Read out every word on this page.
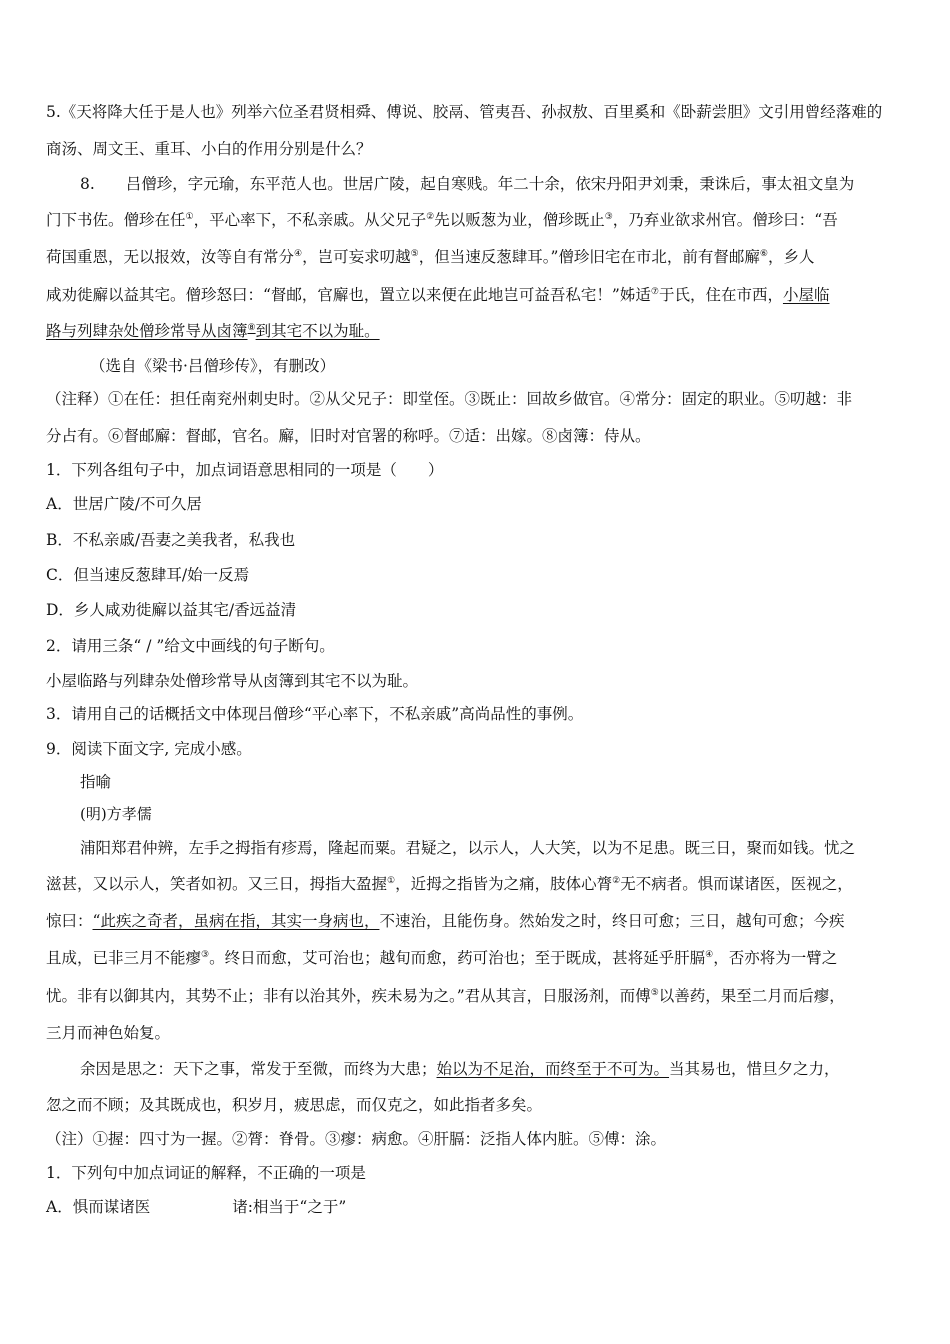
5.《天将降大任于是人也》列举六位圣君贤相舜、傅说、胶鬲、管夷吾、孙叔敖、百里奚和《卧薪尝胆》文引用曾经落难的
商汤、周文王、重耳、小白的作用分别是什么？
8.　　吕僧珍，字元瑜，东平范人也。世居广陵，起自寒贱。年二十余，依宋丹阳尹刘秉，秉诛后，事太祖文皇为
门下书佐。僧珍在任①，平心率下，不私亲戚。从父兄子②先以贩葱为业，僧珍既止③，乃弃业欲求州官。僧珍曰：“吾
荷国重恩，无以报效，汝等自有常分④，岂可妄求叨越⑤，但当速反葱肆耳。”僧珍旧宅在市北，前有督邮廨⑥，乡人
咸劝徙廨以益其宅。僧珍怒曰：“督邮，官廨也，置立以来便在此地岂可益吾私宅！”姊适⑦于氏，住在市西，小屋临
路与列肆杂处僧珍常导从卤簿⑧到其宅不以为耻。
（选自《梁书·吕僧珍传》，有删改）
（注释）①在任：担任南兖州刺史时。②从父兄子：即堂侄。③既止：回故乡做官。④常分：固定的职业。⑤叨越：非
分占有。⑥督邮廨：督邮，官名。廨，旧时对官署的称呼。⑦适：出嫁。⑧卤簿：侍从。
1．下列各组句子中，加点词语意思相同的一项是（　　）
A．世居广陵/不可久居
B．不私亲戚/吾妻之美我者，私我也
C．但当速反葱肆耳/始一反焉
D．乡人咸劝徙廨以益其宅/香远益清
2．请用三条“ / ”给文中画线的句子断句。
小屋临路与列肆杂处僧珍常导从卤簿到其宅不以为耻。
3．请用自己的话概括文中体现吕僧珍“平心率下，不私亲戚”高尚品性的事例。
9．阅读下面文字, 完成小感。
指喻
(明)方孝儒
浦阳郑君仲辨，左手之拇指有疹焉，隆起而粟。君疑之，以示人，人大笑，以为不足患。既三日，聚而如钱。忧之
滋甚，又以示人，笑者如初。又三日，拇指大盈握①，近拇之指皆为之痛，肢体心膂②无不病者。惧而谋诸医，医视之，
惊曰：“此疾之奇者，虽病在指，其实一身病也，不速治，且能伤身。然始发之时，终日可愈；三日，越旬可愈；今疾
且成，已非三月不能瘳③。终日而愈，艾可治也；越旬而愈，药可治也；至于既成，甚将延乎肝膈④，否亦将为一臂之
忧。非有以御其内，其势不止；非有以治其外，疾未易为之。”君从其言，日服汤剂，而傅⑤以善药，果至二月而后瘳，
三月而神色始复。
余因是思之：天下之事，常发于至微，而终为大患；始以为不足治，而终至于不可为。当其易也，惜旦夕之力，
忽之而不顾；及其既成也，积岁月，疲思虑，而仅克之，如此指者多矣。
（注）①握：四寸为一握。②膂：脊骨。③瘳：病愈。④肝膈：泛指人体内脏。⑤傅：涂。
1．下列句中加点词证的解释，不正确的一项是
A．惧而谋诸医	诸:相当于“之于”
